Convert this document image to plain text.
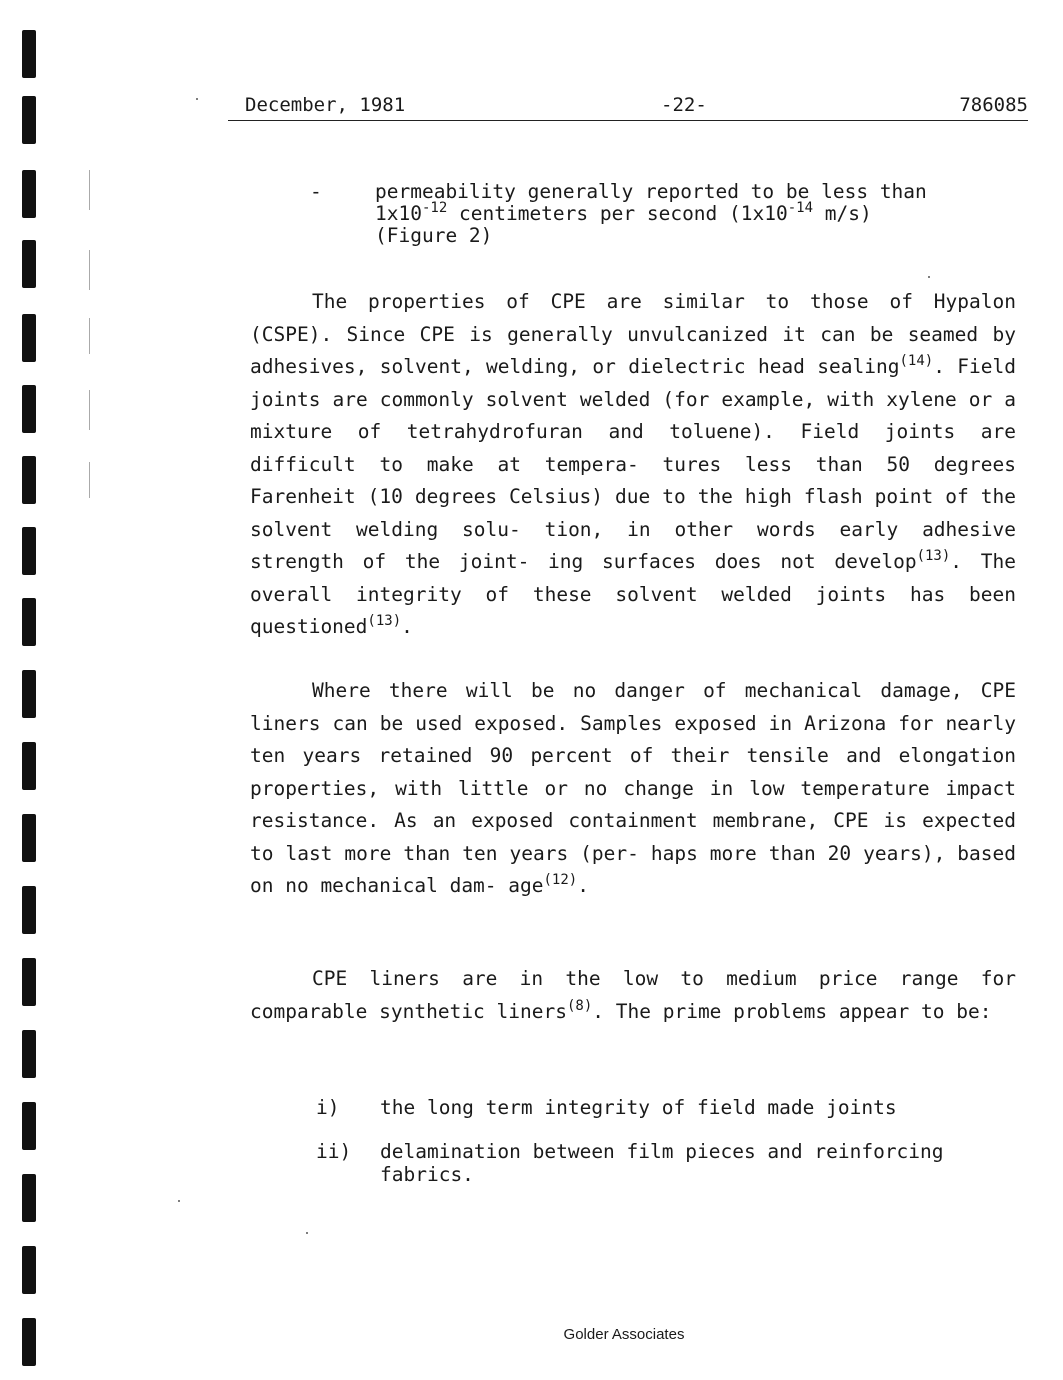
December, 1981	-22-	786085
-	permeability generally reported to be less than
$1x10^{-12}$ centimeters per second ($1x10^{-14}$ m/s)
(Figure 2)

The properties of CPE are similar to those of Hypalon (CSPE). Since CPE is generally unvulcanized it can be seamed by adhesives, solvent, welding, or dielectric head sealing$^{(14)}$. Field joints are commonly solvent welded (for example, with xylene or a mixture of tetrahydrofuran and toluene). Field joints are difficult to make at tempera- tures less than 50 degrees Farenheit (10 degrees Celsius) due to the high flash point of the solvent welding solu- tion, in other words early adhesive strength of the joint- ing surfaces does not develop$^{(13)}$. The overall integrity of these solvent welded joints has been questioned$^{(13)}$.

Where there will be no danger of mechanical damage, CPE liners can be used exposed. Samples exposed in Arizona for nearly ten years retained 90 percent of their tensile and elongation properties, with little or no change in low temperature impact resistance. As an exposed containment membrane, CPE is expected to last more than ten years (per- haps more than 20 years), based on no mechanical dam- age$^{(12)}$.

CPE liners are in the low to medium price range for comparable synthetic liners$^{(8)}$. The prime problems appear to be:

i) the long term integrity of field made joints
ii) delamination between film pieces and reinforcing fabrics.
Golder Associates
